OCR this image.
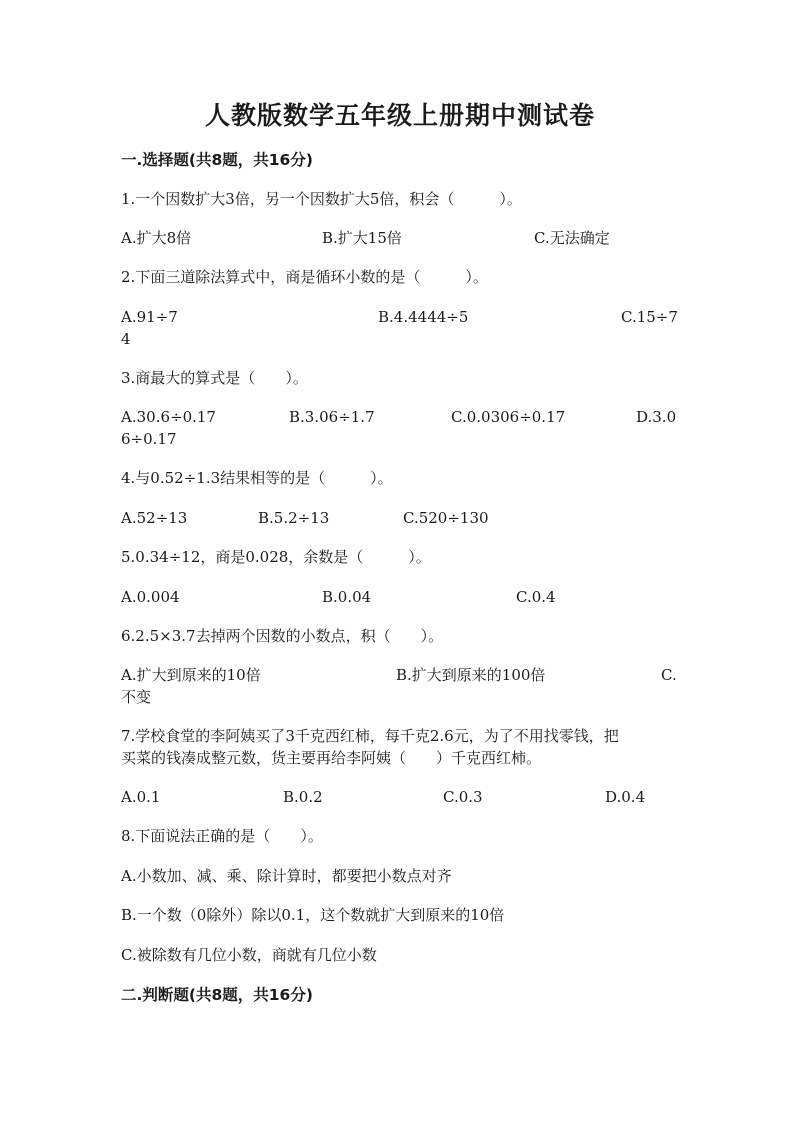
人教版数学五年级上册期中测试卷
一.选择题(共8题，共16分)
1.一个因数扩大3倍，另一个因数扩大5倍，积会（　　　）。
A.扩大8倍	B.扩大15倍	C.无法确定
2.下面三道除法算式中，商是循环小数的是（　　　）。
A.91÷7	B.4.4444÷5	C.15÷7
4
3.商最大的算式是（　　）。
A.30.6÷0.17	B.3.06÷1.7	C.0.0306÷0.17	D.3.0
6÷0.17
4.与0.52÷1.3结果相等的是（　　　）。
A.52÷13	B.5.2÷13	C.520÷130
5.0.34÷12，商是0.028，余数是（　　　）。
A.0.004	B.0.04	C.0.4
6.2.5×3.7去掉两个因数的小数点，积（　　）。
A.扩大到原来的10倍	B.扩大到原来的100倍	C.
不变
7.学校食堂的李阿姨买了3千克西红柿，每千克2.6元，为了不用找零钱，把
买菜的钱凑成整元数，货主要再给李阿姨（　　）千克西红柿。
A.0.1	B.0.2	C.0.3	D.0.4
8.下面说法正确的是（　　）。
A.小数加、减、乘、除计算时，都要把小数点对齐
B.一个数（0除外）除以0.1，这个数就扩大到原来的10倍
C.被除数有几位小数，商就有几位小数
二.判断题(共8题，共16分)
